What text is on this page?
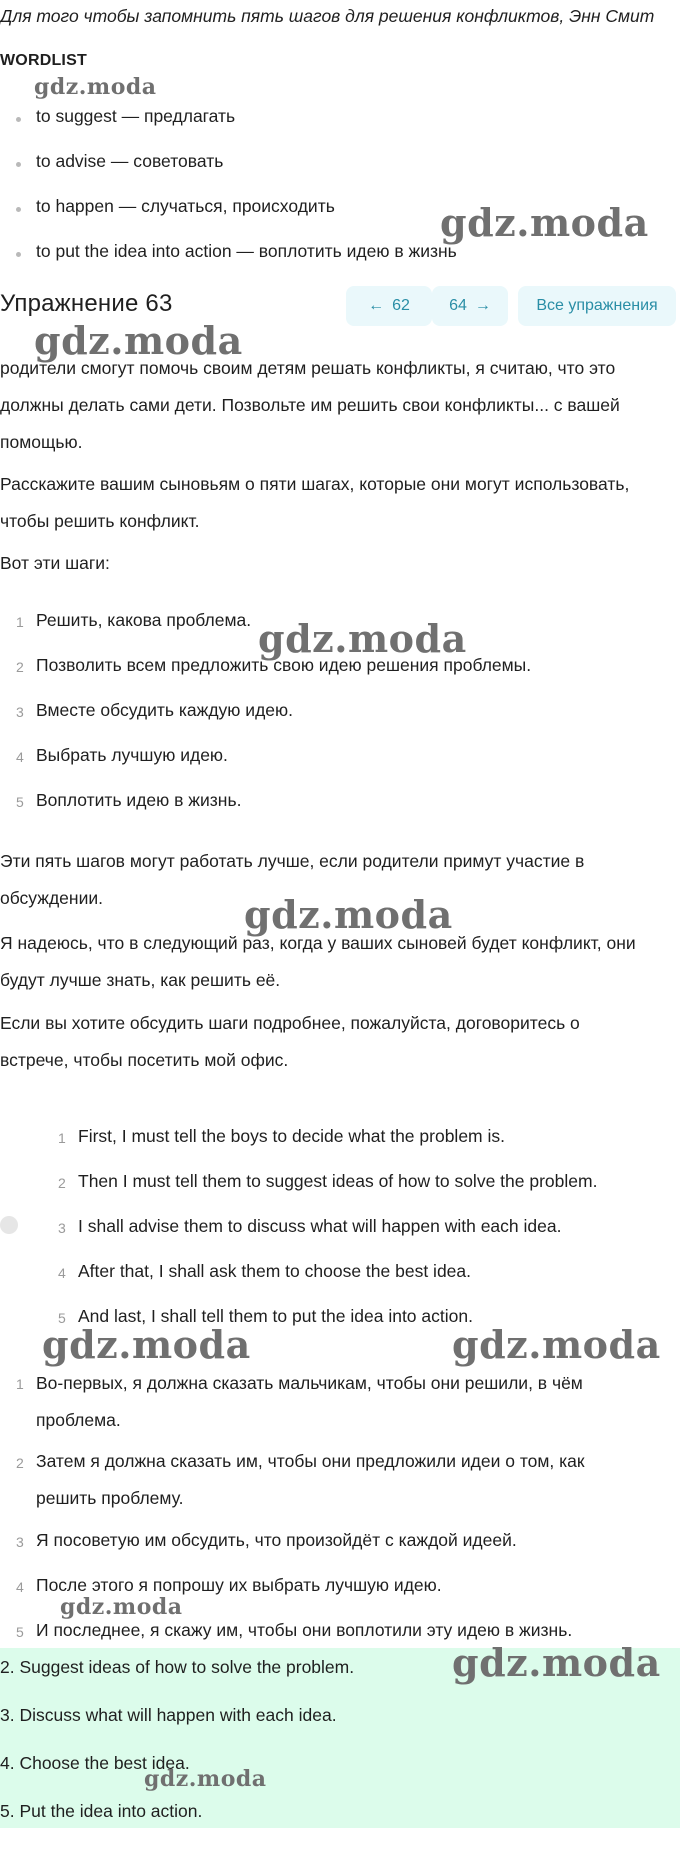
Для того чтобы запомнить пять шагов для решения конфликтов, Энн Смит
WORDLIST
to suggest — предлагать
to advise — советовать
to happen — случаться, происходить
to put the idea into action — воплотить идею в жизнь
Упражнение 63	← 62 64 →	Все упражнения
родители смогут помочь своим детям решать конфликты, я считаю, что это
должны делать сами дети. Позвольте им решить свои конфликты... с вашей
помощью.
Расскажите вашим сыновьям о пяти шагах, которые они могут использовать,
чтобы решить конфликт.
Вот эти шаги:
1 Решить, какова проблема.
2 Позволить всем предложить свою идею решения проблемы.
3 Вместе обсудить каждую идею.
4 Выбрать лучшую идею.
5 Воплотить идею в жизнь.
Эти пять шагов могут работать лучше, если родители примут участие в
обсуждении.
Я надеюсь, что в следующий раз, когда у ваших сыновей будет конфликт, они
будут лучше знать, как решить её.
Если вы хотите обсудить шаги подробнее, пожалуйста, договоритесь о
встрече, чтобы посетить мой офис.
1 First, I must tell the boys to decide what the problem is.
2 Then I must tell them to suggest ideas of how to solve the problem.
3 I shall advise them to discuss what will happen with each idea.
4 After that, I shall ask them to choose the best idea.
5 And last, I shall tell them to put the idea into action.
1 Во-первых, я должна сказать мальчикам, чтобы они решили, в чём
проблема.
2 Затем я должна сказать им, чтобы они предложили идеи о том, как
решить проблему.
3 Я посоветую им обсудить, что произойдёт с каждой идеей.
4 После этого я попрошу их выбрать лучшую идею.
5 И последнее, я скажу им, чтобы они воплотили эту идею в жизнь.
2. Suggest ideas of how to solve the problem.
3. Discuss what will happen with each idea.
4. Choose the best idea.
5. Put the idea into action.
gdz.moda
gdz.moda
gdz.moda
gdz.moda
gdz.moda
gdz.moda	gdz.moda
gdz.moda
gdz.moda
gdz.moda
